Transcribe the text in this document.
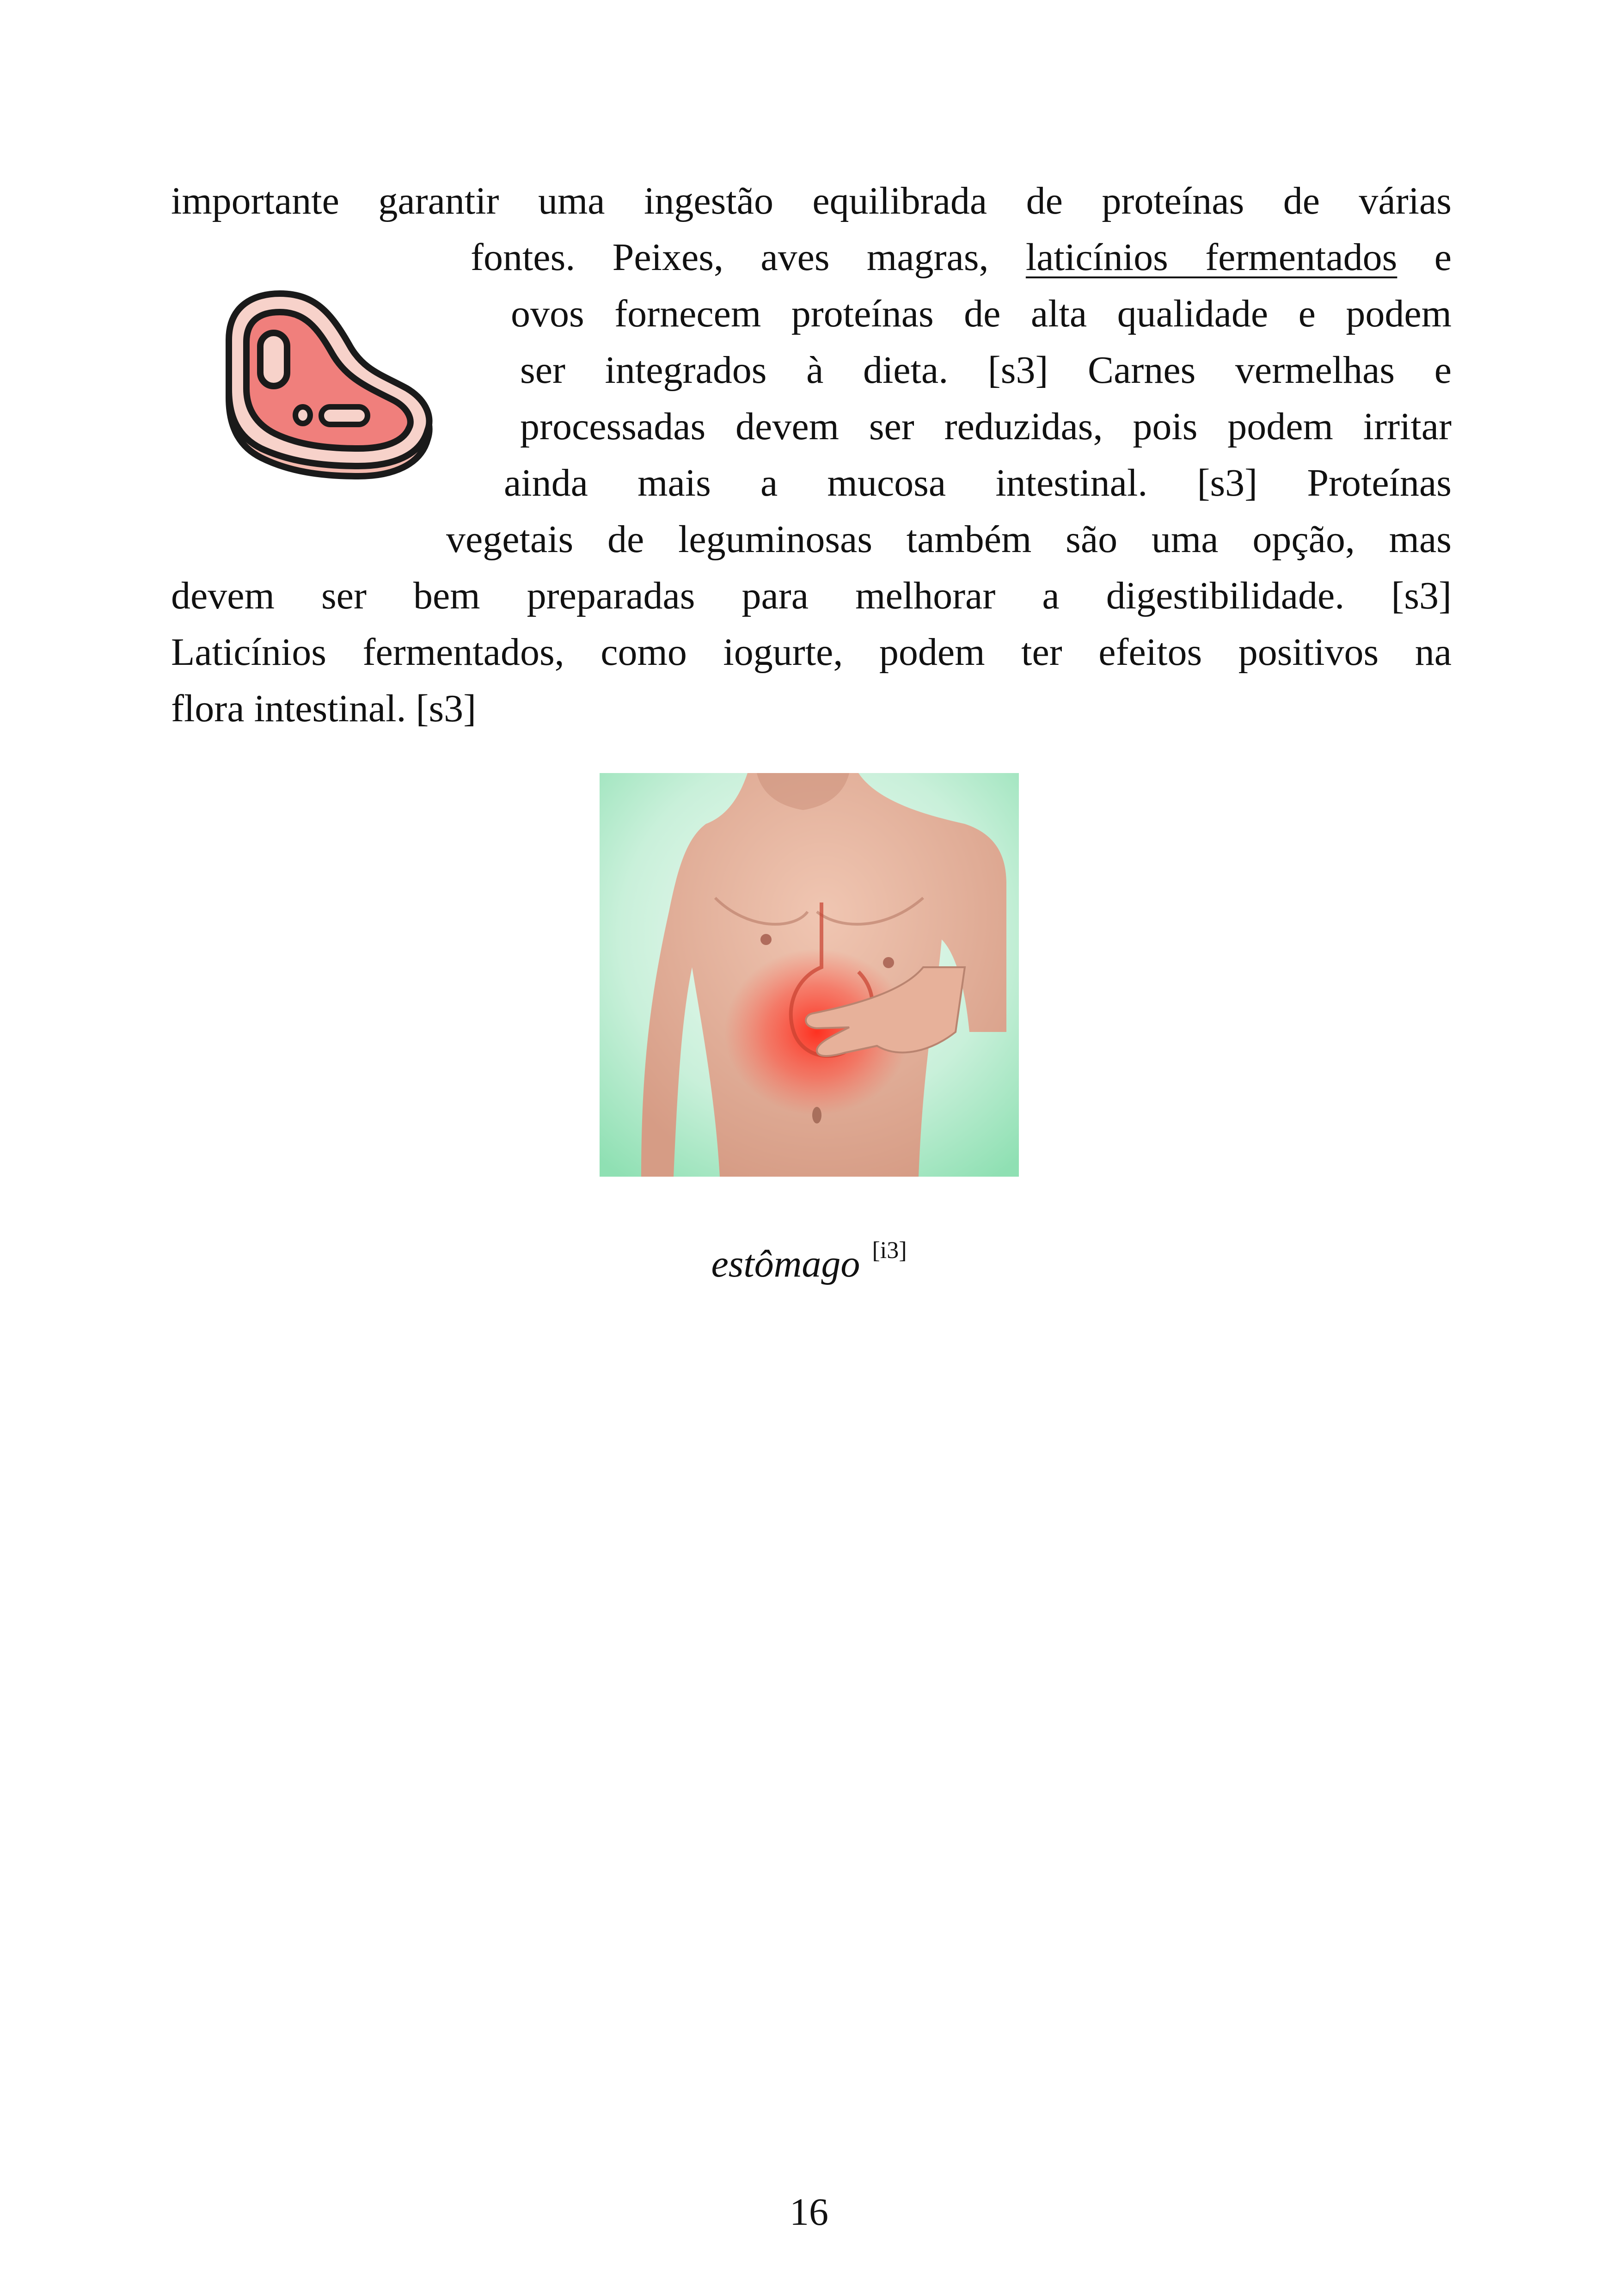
importante garantir uma ingestão equilibrada de proteínas de várias
fontes. Peixes, aves magras, laticínios fermentados e
ovos fornecem proteínas de alta qualidade e podem
ser integrados à dieta. [s3] Carnes vermelhas e
processadas devem ser reduzidas, pois podem irritar
ainda mais a mucosa intestinal. [s3] Proteínas
vegetais de leguminosas também são uma opção, mas
devem ser bem preparadas para melhorar a digestibilidade. [s3]
Laticínios fermentados, como iogurte, podem ter efeitos positivos na
flora intestinal. [s3]
estômago [i3]
16
